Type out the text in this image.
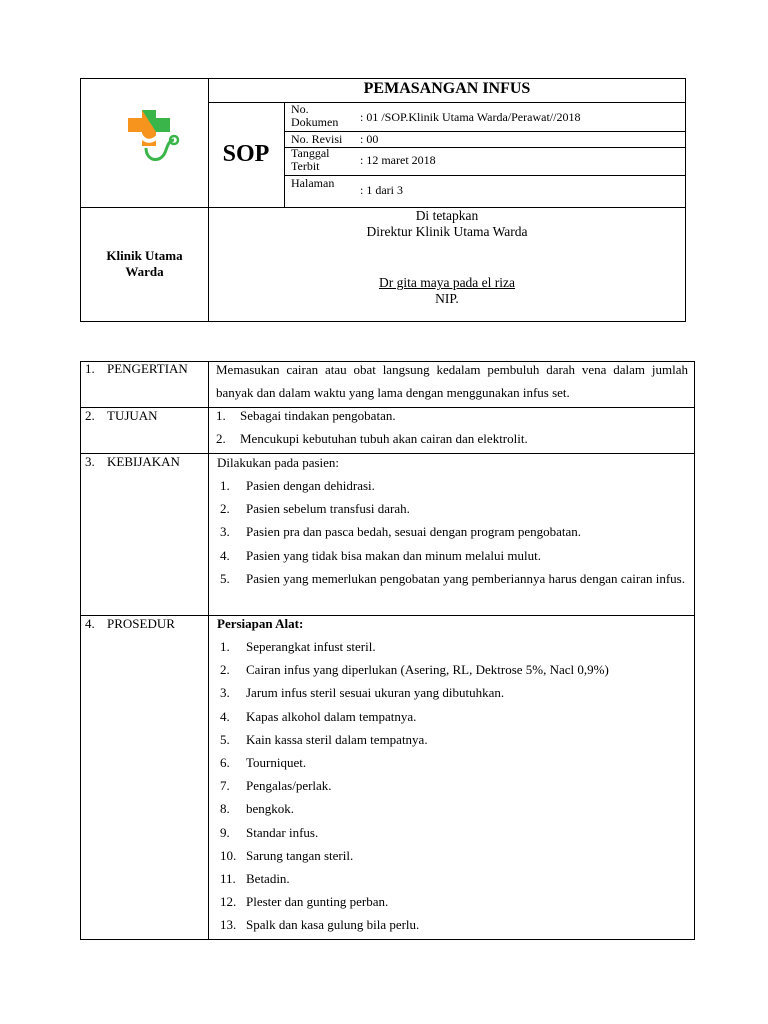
PEMASANGAN INFUS
SOP
No.
Dokumen	: 01 /SOP.Klinik Utama Warda/Perawat//2018
No. Revisi : 00
Tanggal
Terbit	: 12 maret 2018
Halaman : 1 dari 3
Klinik Utama
Warda
Di tetapkan
Direktur Klinik Utama Warda
Dr gita maya pada el riza
NIP.
1. PENGERTIAN Memasukan cairan atau obat langsung kedalam pembuluh darah vena dalam jumlah banyak dan dalam waktu yang lama dengan menggunakan infus set.
2. TUJUAN	1.	Sebagai tindakan pengobatan.
2.	Mencukupi kebutuhan tubuh akan cairan dan elektrolit.
3. KEBIJAKAN	Dilakukan pada pasien:
1.	Pasien dengan dehidrasi.
2.	Pasien sebelum transfusi darah.
3.	Pasien pra dan pasca bedah, sesuai dengan program pengobatan.
4.	Pasien yang tidak bisa makan dan minum melalui mulut.
5.	Pasien yang memerlukan pengobatan yang pemberiannya harus dengan cairan infus.
4. PROSEDUR	Persiapan Alat:
1.	Seperangkat infust steril.
2.	Cairan infus yang diperlukan (Asering, RL, Dektrose 5%, Nacl 0,9%)
3.	Jarum infus steril sesuai ukuran yang dibutuhkan.
4.	Kapas alkohol dalam tempatnya.
5.	Kain kassa steril dalam tempatnya.
6.	Tourniquet.
7.	Pengalas/perlak.
8.	bengkok.
9.	Standar infus.
10. Sarung tangan steril.
11. Betadin.
12. Plester dan gunting perban.
13. Spalk dan kasa gulung bila perlu.
